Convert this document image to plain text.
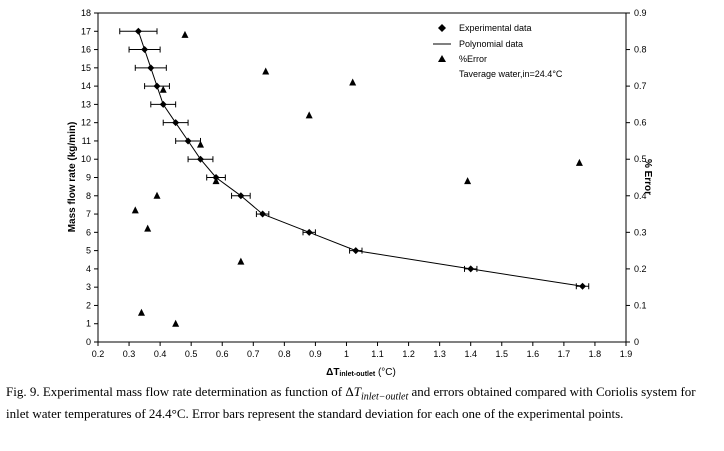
0.2 0.3 0.4 0.5 0.6 0.7 0.8 0.9 1 1.1 1.2 1.3 1.4 1.5 1.6 1.7 1.8 1.9
0
1
2
3
4
5
6
7
8
9
10
11
12
13
14
15
16
17
18
0
0.1
0.2
0.3
0.4
0.5
0.6
0.7
0.8
0.9
Mass flow rate (kg/min)	% Error
ΔTinlet-outlet (°C)
Experimental data
Polynomial data
%Error
Taverage water,in=24.4°C
Fig. 9. Experimental mass flow rate determination as function of $\Delta T_{inlet-outlet}$ and errors obtained compared with Coriolis system for inlet water temperatures of 24.4°C. Error bars represent the standard deviation for each one of the experimental points.
